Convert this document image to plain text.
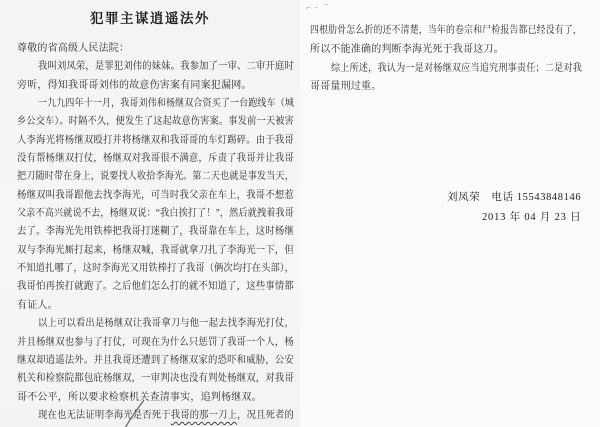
犯罪主谋逍遥法外
尊敬的省高级人民法院：
我叫刘凤荣，是罪犯刘伟的妹妹。我参加了一审、二审开庭时
旁听，得知我哥哥刘伟的故意伤害案有同案犯漏网。
一九九四年十一月，我哥刘伟和杨继双合资买了一台跑线车（城
乡公交车）。时隔不久，便发生了这起故意伤害案。事发前一天被害
人李海光将杨继双殴打并将杨继双和我哥哥的车灯踢碎。由于我哥
没有帮杨继双打仗，杨继双对我哥很不满意，斥责了我哥并让我哥
把刀随时带在身上，说要找人收拾李海光。第二天也就是事发当天，
杨继双叫我哥跟他去找李海光，可当时我父亲在车上，我哥不想惹
父亲不高兴就说不去，杨继双说：“我白挨打了！”，然后就拽着我哥
去了。李海光先用铁棒把我哥打迷糊了，我哥靠在车上，这时杨继
双与李海光厮打起来，杨继双喊，我哥就拿刀扎了李海光一下，但
不知道扎哪了，这时李海光又用铁棒打了我哥（俩次均打在头部），
我哥怕再挨打就跑了。之后他们怎么打的就不知道了，这些事情都
有证人。
以上可以看出是杨继双让我哥拿刀与他一起去找李海光打仗，
并且杨继双也参与了打仗，可现在为什么只惩罚了我哥一个人，杨
继双却逍遥法外。并且我哥还遭到了杨继双家的恐吓和威胁，公安
机关和检察院都包庇杨继双，一审判决也没有判处杨继双，对我哥
哥不公平，所以要求检察机关查清事实，追判杨继双。
现在也无法证明李海光是否死于我哥的那一刀上，况且死者的
四根肋骨怎么折的还不清楚，当年的卷宗和尸检报告都已经没有了，
所以不能准确的判断李海光死于我哥这刀。
综上所述，我认为一是对杨继双应当追究刑事责任；二是对我
哥哥量刑过重。
刘凤荣　电话 15543848146
2013 年 04 月 23 日
